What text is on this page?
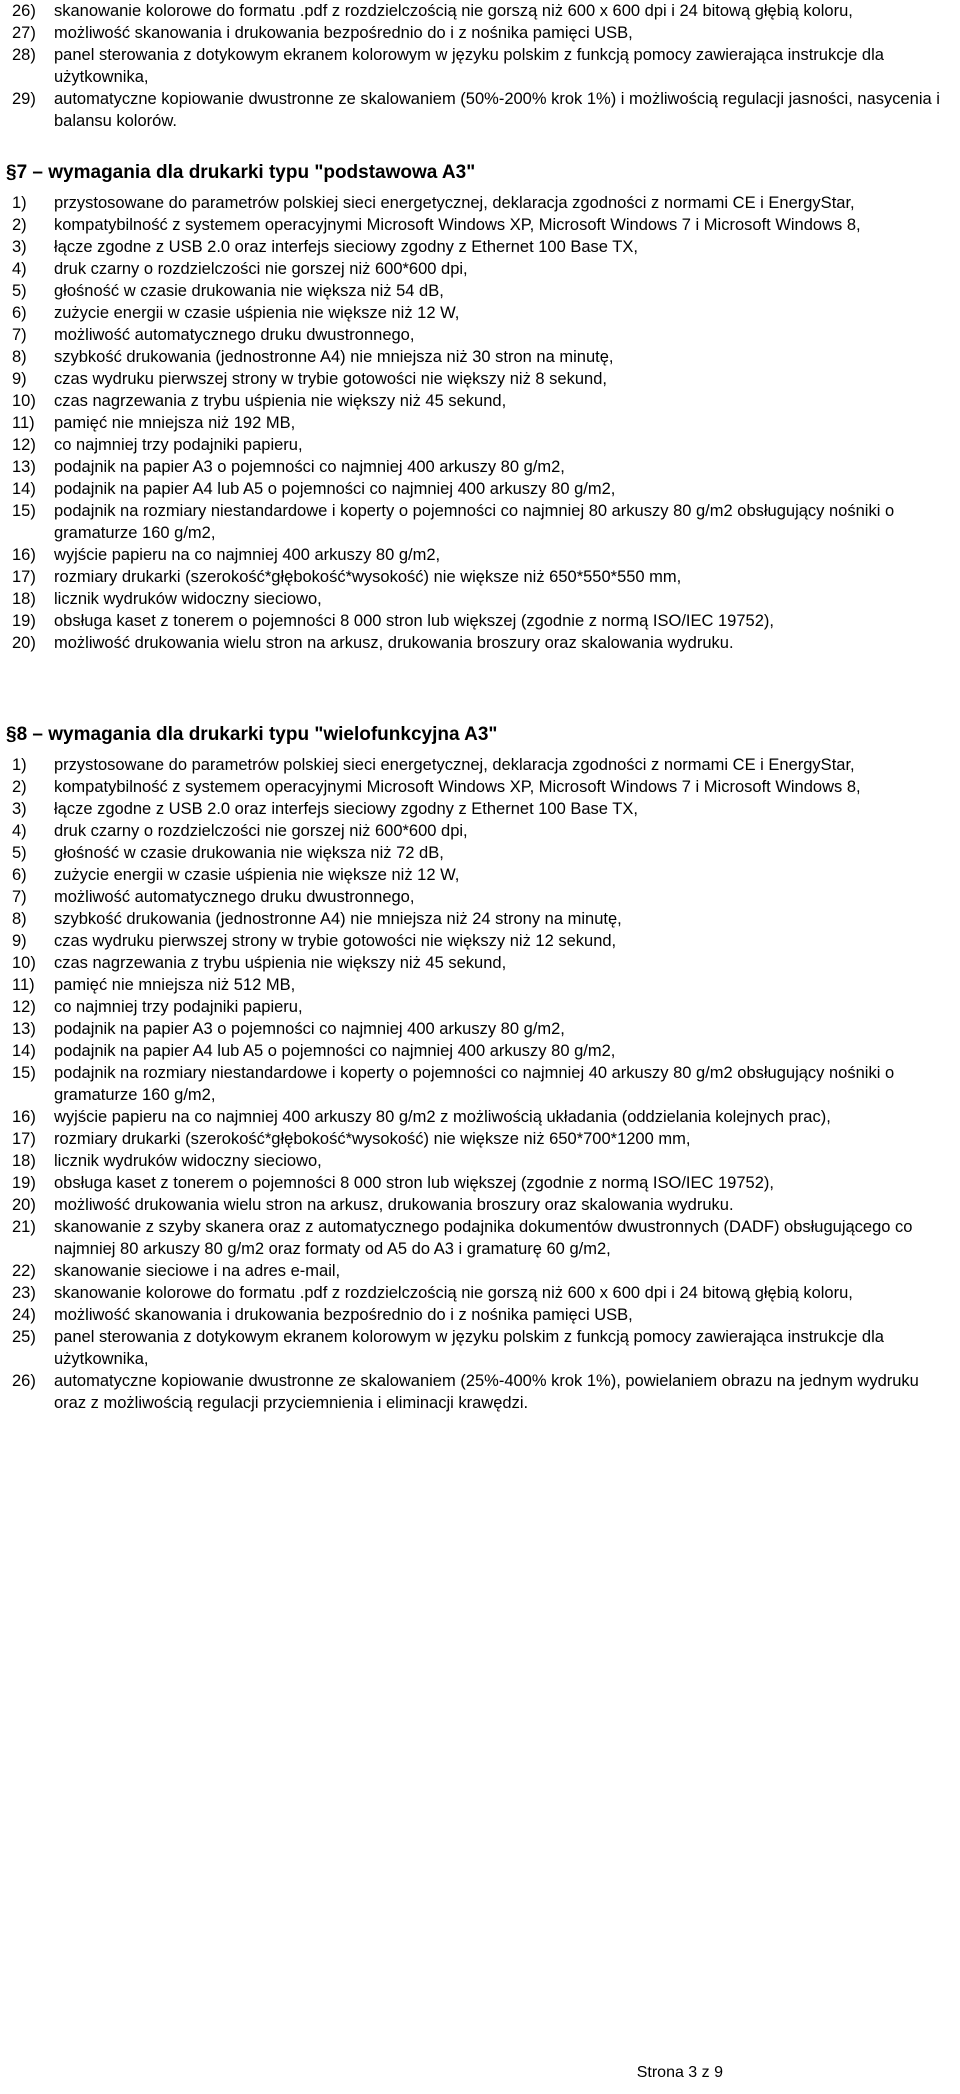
26) skanowanie kolorowe do formatu .pdf z rozdzielczością nie gorszą niż 600 x 600 dpi i 24 bitową głębią koloru,
27) możliwość skanowania i drukowania bezpośrednio do i z nośnika pamięci USB,
28) panel sterowania z dotykowym ekranem kolorowym w języku polskim z funkcją pomocy zawierająca instrukcje dla użytkownika,
29) automatyczne kopiowanie dwustronne ze skalowaniem (50%-200% krok 1%) i możliwością regulacji jasności, nasycenia i balansu kolorów.
§7 – wymagania dla drukarki typu "podstawowa A3"
1) przystosowane do parametrów polskiej sieci energetycznej, deklaracja zgodności z normami CE i EnergyStar,
2) kompatybilność z systemem operacyjnymi Microsoft Windows XP, Microsoft Windows 7 i Microsoft Windows 8,
3) łącze zgodne z USB 2.0 oraz interfejs sieciowy zgodny z Ethernet 100 Base TX,
4) druk czarny o rozdzielczości nie gorszej niż 600*600 dpi,
5) głośność w czasie drukowania nie większa niż 54 dB,
6) zużycie energii w czasie uśpienia nie większe niż 12 W,
7) możliwość automatycznego druku dwustronnego,
8) szybkość drukowania (jednostronne A4) nie mniejsza niż 30 stron na minutę,
9) czas wydruku pierwszej strony w trybie gotowości nie większy niż 8 sekund,
10) czas nagrzewania z trybu uśpienia nie większy niż 45 sekund,
11) pamięć nie mniejsza niż 192 MB,
12) co najmniej trzy podajniki papieru,
13) podajnik na papier A3 o pojemności co najmniej 400 arkuszy 80 g/m2,
14) podajnik na papier A4 lub A5 o pojemności co najmniej 400 arkuszy 80 g/m2,
15) podajnik na rozmiary niestandardowe i koperty o pojemności co najmniej 80 arkuszy 80 g/m2 obsługujący nośniki o gramaturze 160 g/m2,
16) wyjście papieru na co najmniej 400 arkuszy 80 g/m2,
17) rozmiary drukarki (szerokość*głębokość*wysokość) nie większe niż 650*550*550 mm,
18) licznik wydruków widoczny sieciowo,
19) obsługa kaset z tonerem o pojemności 8 000 stron lub większej (zgodnie z normą ISO/IEC 19752),
20) możliwość drukowania wielu stron na arkusz, drukowania broszury oraz skalowania wydruku.
§8 – wymagania dla drukarki typu "wielofunkcyjna A3"
1) przystosowane do parametrów polskiej sieci energetycznej, deklaracja zgodności z normami CE i EnergyStar,
2) kompatybilność z systemem operacyjnymi Microsoft Windows XP, Microsoft Windows 7 i Microsoft Windows 8,
3) łącze zgodne z USB 2.0 oraz interfejs sieciowy zgodny z Ethernet 100 Base TX,
4) druk czarny o rozdzielczości nie gorszej niż 600*600 dpi,
5) głośność w czasie drukowania nie większa niż 72 dB,
6) zużycie energii w czasie uśpienia nie większe niż 12 W,
7) możliwość automatycznego druku dwustronnego,
8) szybkość drukowania (jednostronne A4) nie mniejsza niż 24 strony na minutę,
9) czas wydruku pierwszej strony w trybie gotowości nie większy niż 12 sekund,
10) czas nagrzewania z trybu uśpienia nie większy niż 45 sekund,
11) pamięć nie mniejsza niż 512 MB,
12) co najmniej trzy podajniki papieru,
13) podajnik na papier A3 o pojemności co najmniej 400 arkuszy 80 g/m2,
14) podajnik na papier A4 lub A5 o pojemności co najmniej 400 arkuszy 80 g/m2,
15) podajnik na rozmiary niestandardowe i koperty o pojemności co najmniej 40 arkuszy 80 g/m2 obsługujący nośniki o gramaturze 160 g/m2,
16) wyjście papieru na co najmniej 400 arkuszy 80 g/m2 z możliwością układania (oddzielania kolejnych prac),
17) rozmiary drukarki (szerokość*głębokość*wysokość) nie większe niż 650*700*1200 mm,
18) licznik wydruków widoczny sieciowo,
19) obsługa kaset z tonerem o pojemności 8 000 stron lub większej (zgodnie z normą ISO/IEC 19752),
20) możliwość drukowania wielu stron na arkusz, drukowania broszury oraz skalowania wydruku.
21) skanowanie z szyby skanera oraz z automatycznego podajnika dokumentów dwustronnych (DADF) obsługującego co najmniej 80 arkuszy 80 g/m2 oraz formaty od A5 do A3 i gramaturę 60 g/m2,
22) skanowanie sieciowe i na adres e-mail,
23) skanowanie kolorowe do formatu .pdf z rozdzielczością nie gorszą niż 600 x 600 dpi i 24 bitową głębią koloru,
24) możliwość skanowania i drukowania bezpośrednio do i z nośnika pamięci USB,
25) panel sterowania z dotykowym ekranem kolorowym w języku polskim z funkcją pomocy zawierająca instrukcje dla użytkownika,
26) automatyczne kopiowanie dwustronne ze skalowaniem (25%-400% krok 1%), powielaniem obrazu na jednym wydruku oraz z możliwością regulacji przyciemnienia i eliminacji krawędzi.
Strona 3 z 9
